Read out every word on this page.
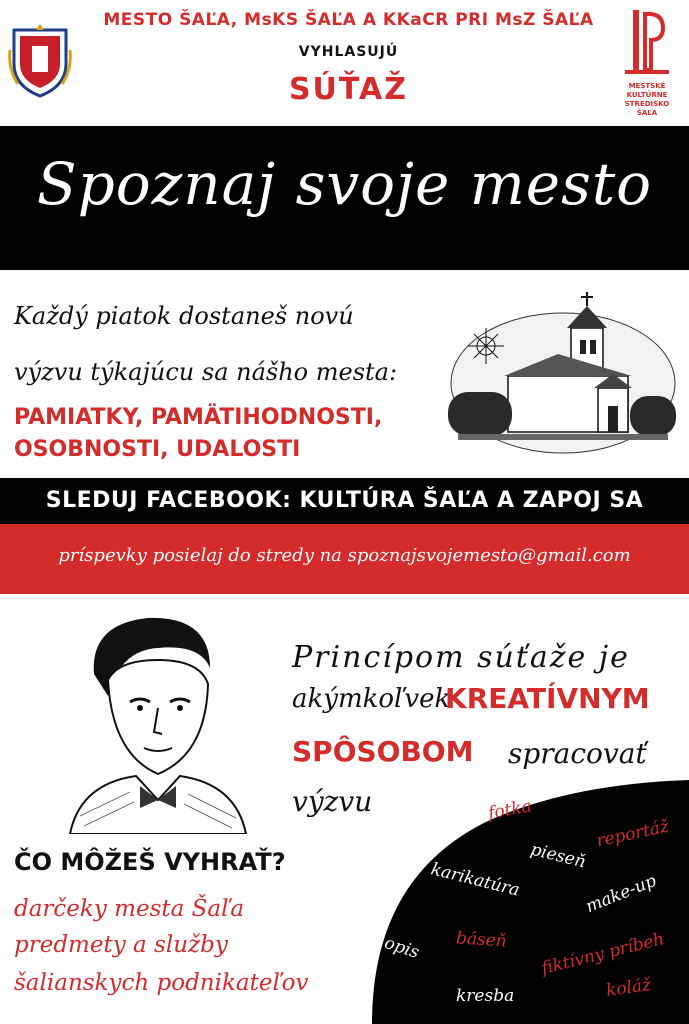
MESTO ŠAĽA, MsKS ŠAĽA A KKaCR PRI MsZ ŠAĽA
VYHLASUJÚ
SÚŤAŽ	MESTSKÉ
KULTÚRNE
STREDISKO
ŠAĽA
Spoznaj svoje mesto
Každý piatok dostaneš novú
výzvu týkajúcu sa nášho mesta:
PAMIATKY, PAMÄTIHODNOSTI,
OSOBNOSTI, UDALOSTI
SLEDUJ FACEBOOK: KULTÚRA ŠAĽA A ZAPOJ SA
príspevky posielaj do stredy na spoznajsvojemesto@gmail.com
Princípom súťaže je
akýmkoľvek
KREATÍVNYM
SPÔSOBOM spracovať
výzvu
ČO MÔŽEŠ VYHRAŤ?
darčeky mesta Šaľa
predmety a služby
šalianskych podnikateľov
fotka
reportáž
pieseň
karikatúra	make-up
opis báseň fiktívny príbeh
kresba	koláž
